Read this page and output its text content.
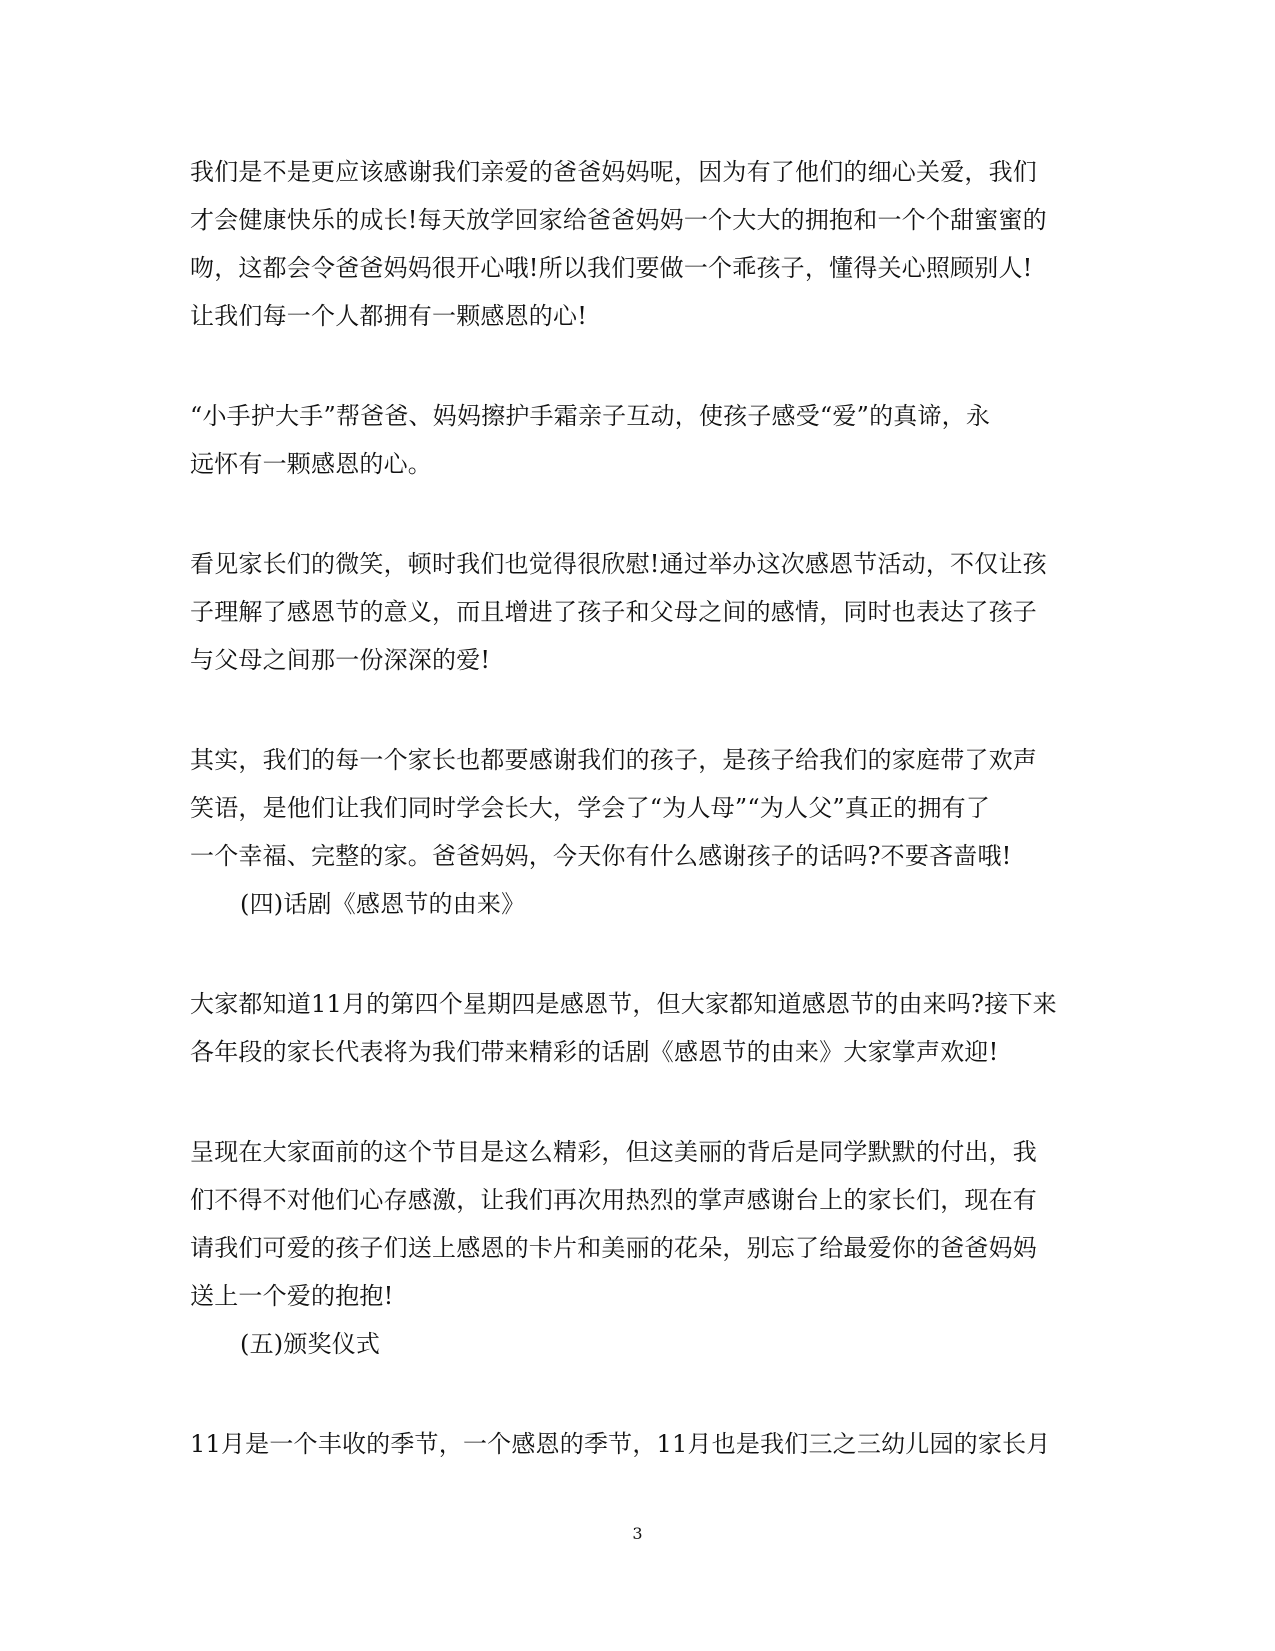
我们是不是更应该感谢我们亲爱的爸爸妈妈呢，因为有了他们的细心关爱，我们
才会健康快乐的成长!每天放学回家给爸爸妈妈一个大大的拥抱和一个个甜蜜蜜的
吻，这都会令爸爸妈妈很开心哦!所以我们要做一个乖孩子，懂得关心照顾别人!
让我们每一个人都拥有一颗感恩的心!
“小手护大手”帮爸爸、妈妈擦护手霜亲子互动，使孩子感受“爱”的真谛，永
远怀有一颗感恩的心。
看见家长们的微笑，顿时我们也觉得很欣慰!通过举办这次感恩节活动，不仅让孩
子理解了感恩节的意义，而且增进了孩子和父母之间的感情，同时也表达了孩子
与父母之间那一份深深的爱!
其实，我们的每一个家长也都要感谢我们的孩子，是孩子给我们的家庭带了欢声
笑语，是他们让我们同时学会长大，学会了“为人母”“为人父”真正的拥有了
一个幸福、完整的家。爸爸妈妈，今天你有什么感谢孩子的话吗?不要吝啬哦!
(四)话剧《感恩节的由来》
大家都知道11月的第四个星期四是感恩节，但大家都知道感恩节的由来吗?接下来
各年段的家长代表将为我们带来精彩的话剧《感恩节的由来》大家掌声欢迎!
呈现在大家面前的这个节目是这么精彩，但这美丽的背后是同学默默的付出，我
们不得不对他们心存感激，让我们再次用热烈的掌声感谢台上的家长们，现在有
请我们可爱的孩子们送上感恩的卡片和美丽的花朵，别忘了给最爱你的爸爸妈妈
送上一个爱的抱抱!
(五)颁奖仪式
11月是一个丰收的季节，一个感恩的季节，11月也是我们三之三幼儿园的家长月
3
